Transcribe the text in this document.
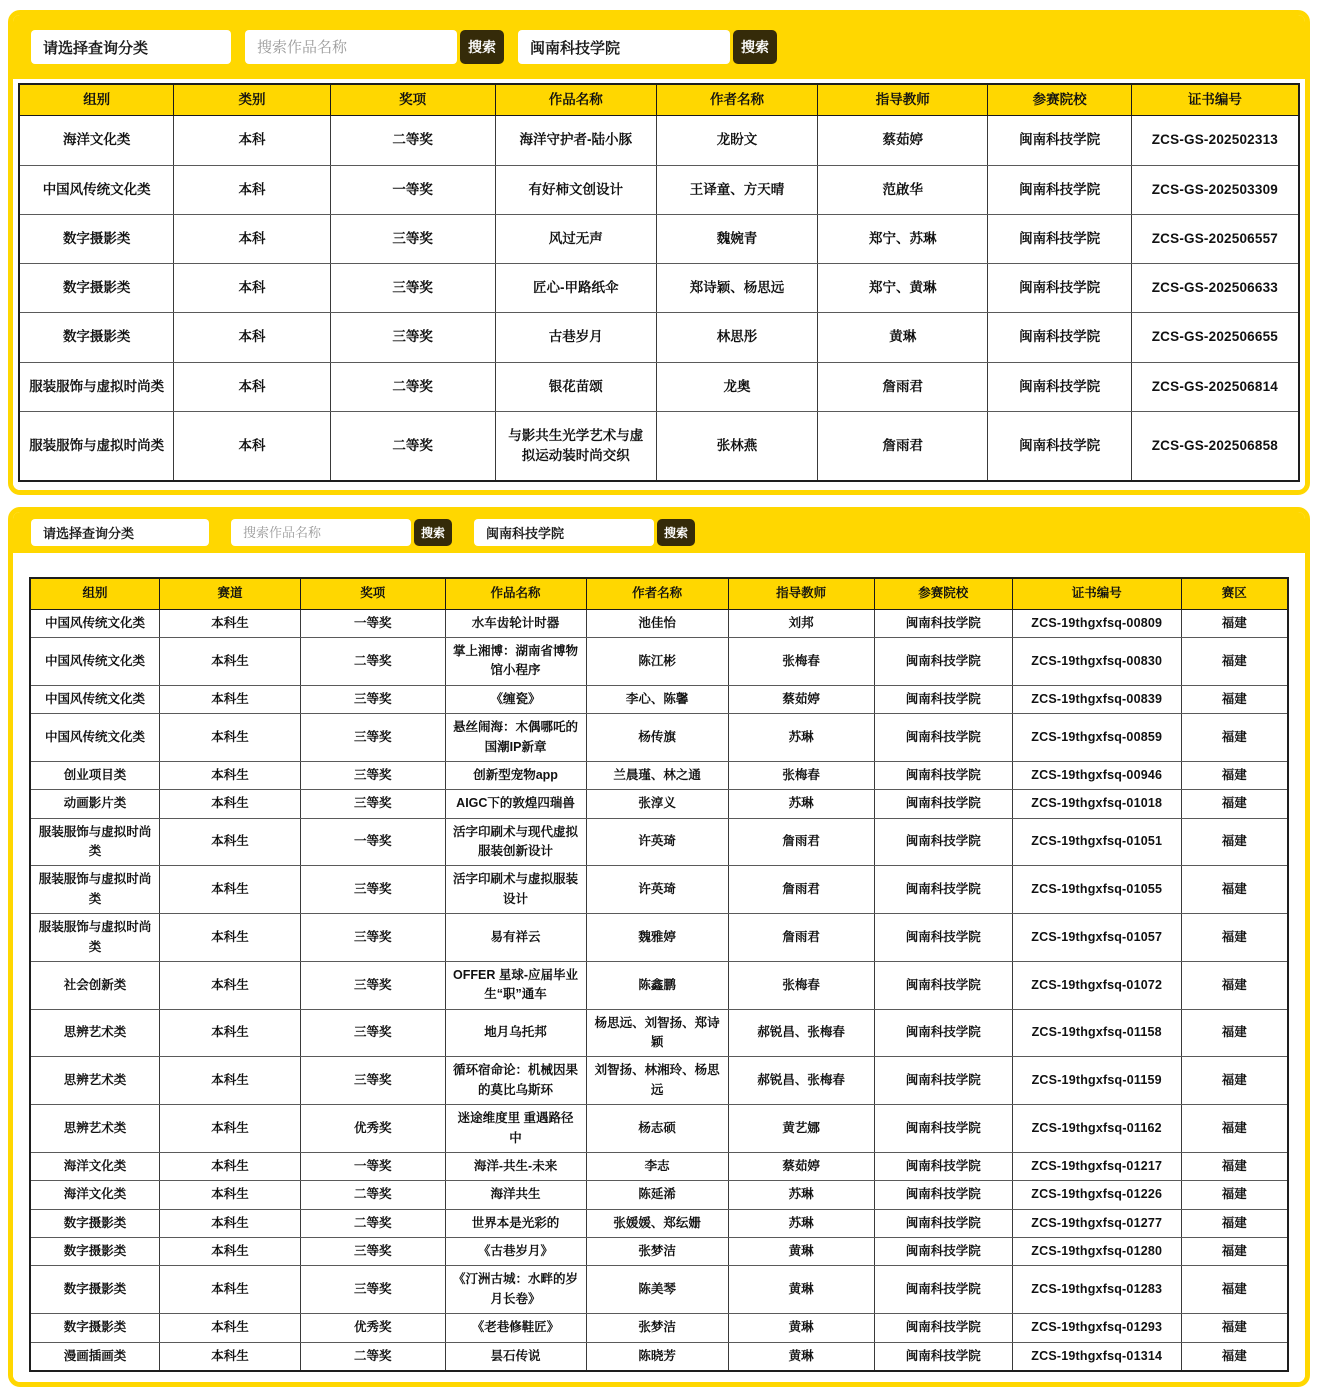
请选择查询分类
搜索作品名称
搜索
闽南科技学院	搜索
组别	类别	奖项	作品名称	作者名称	指导教师	参赛院校	证书编号
海洋文化类	本科	二等奖	海洋守护者-陆小豚	龙盼文	蔡茹婷	闽南科技学院	ZCS-GS-202502313
中国风传统文化类	本科	一等奖	有好柿文创设计	王译童、方天晴	范啟华	闽南科技学院	ZCS-GS-202503309
数字摄影类	本科	三等奖	风过无声	魏婉青	郑宁、苏琳	闽南科技学院	ZCS-GS-202506557
数字摄影类	本科	三等奖	匠心-甲路纸伞	郑诗颖、杨思远	郑宁、黄琳	闽南科技学院	ZCS-GS-202506633
数字摄影类	本科	三等奖	古巷岁月	林思彤	黄琳	闽南科技学院	ZCS-GS-202506655
服装服饰与虚拟时尚类	本科	二等奖	银花苗颂	龙奥	詹雨君	闽南科技学院	ZCS-GS-202506814
服装服饰与虚拟时尚类	本科	二等奖	与影共生光学艺术与虚拟运动装时尚交织	张林燕	詹雨君	闽南科技学院	ZCS-GS-202506858
请选择查询分类
搜索作品名称
搜索
闽南科技学院	搜索
组别	赛道	奖项	作品名称	作者名称	指导教师	参赛院校	证书编号	赛区
中国风传统文化类	本科生	一等奖	水车齿轮计时器	池佳怡	刘邦	闽南科技学院	ZCS-19thgxfsq-00809	福建
中国风传统文化类	本科生	二等奖	掌上湘博：湖南省博物馆小程序	陈江彬	张梅春	闽南科技学院	ZCS-19thgxfsq-00830	福建
中国风传统文化类	本科生	三等奖	《缠瓷》	李心、陈馨	蔡茹婷	闽南科技学院	ZCS-19thgxfsq-00839	福建
中国风传统文化类	本科生	三等奖	悬丝闹海：木偶哪吒的国潮IP新章	杨传旗	苏琳	闽南科技学院	ZCS-19thgxfsq-00859	福建
创业项目类	本科生	三等奖	创新型宠物app	兰晨瑾、林之通	张梅春	闽南科技学院	ZCS-19thgxfsq-00946	福建
动画影片类	本科生	三等奖	AIGC下的敦煌四瑞兽	张淳义	苏琳	闽南科技学院	ZCS-19thgxfsq-01018	福建
服装服饰与虚拟时尚类	本科生	一等奖	活字印刷术与现代虚拟服装创新设计	许英琦	詹雨君	闽南科技学院	ZCS-19thgxfsq-01051	福建
服装服饰与虚拟时尚类	本科生	三等奖	活字印刷术与虚拟服装设计	许英琦	詹雨君	闽南科技学院	ZCS-19thgxfsq-01055	福建
服装服饰与虚拟时尚类	本科生	三等奖	易有祥云	魏雅婷	詹雨君	闽南科技学院	ZCS-19thgxfsq-01057	福建
社会创新类	本科生	三等奖	OFFER 星球-应届毕业生“职”通车	陈鑫鹏	张梅春	闽南科技学院	ZCS-19thgxfsq-01072	福建
思辨艺术类	本科生	三等奖	地月乌托邦	杨思远、刘智扬、郑诗颖	郝锐昌、张梅春	闽南科技学院	ZCS-19thgxfsq-01158	福建
思辨艺术类	本科生	三等奖	循环宿命论：机械因果的莫比乌斯环	刘智扬、林湘玲、杨思远	郝锐昌、张梅春	闽南科技学院	ZCS-19thgxfsq-01159	福建
思辨艺术类	本科生	优秀奖	迷途维度里 重遇路径中	杨志硕	黄艺娜	闽南科技学院	ZCS-19thgxfsq-01162	福建
海洋文化类	本科生	一等奖	海洋-共生-未来	李志	蔡茹婷	闽南科技学院	ZCS-19thgxfsq-01217	福建
海洋文化类	本科生	二等奖	海洋共生	陈延浠	苏琳	闽南科技学院	ZCS-19thgxfsq-01226	福建
数字摄影类	本科生	二等奖	世界本是光彩的	张媛媛、郑纭姗	苏琳	闽南科技学院	ZCS-19thgxfsq-01277	福建
数字摄影类	本科生	三等奖	《古巷岁月》	张梦洁	黄琳	闽南科技学院	ZCS-19thgxfsq-01280	福建
数字摄影类	本科生	三等奖	《汀洲古城：水畔的岁月长卷》	陈美琴	黄琳	闽南科技学院	ZCS-19thgxfsq-01283	福建
数字摄影类	本科生	优秀奖	《老巷修鞋匠》	张梦洁	黄琳	闽南科技学院	ZCS-19thgxfsq-01293	福建
漫画插画类	本科生	二等奖	昙石传说	陈晓芳	黄琳	闽南科技学院	ZCS-19thgxfsq-01314	福建
